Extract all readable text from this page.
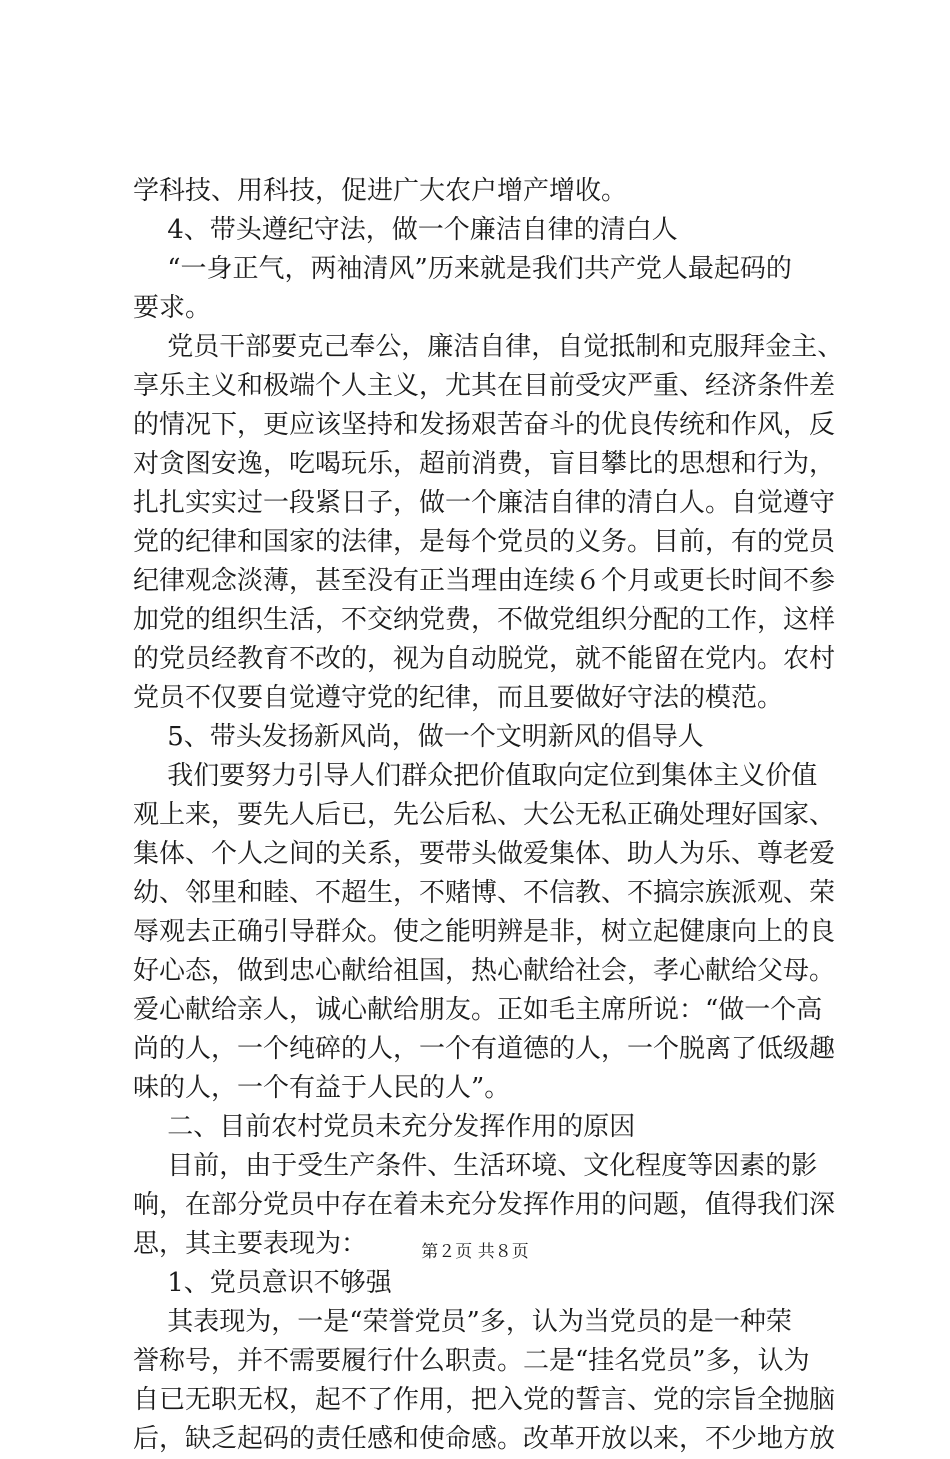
学科技、用科技，促进广大农户增产增收。
　 4、带头遵纪守法，做一个廉洁自律的清白人
　 “一身正气，两袖清风”历来就是我们共产党人最起码的
要求。
　 党员干部要克己奉公，廉洁自律，自觉抵制和克服拜金主、
享乐主义和极端个人主义，尤其在目前受灾严重、经济条件差
的情况下，更应该坚持和发扬艰苦奋斗的优良传统和作风，反
对贪图安逸，吃喝玩乐，超前消费，盲目攀比的思想和行为，
扎扎实实过一段紧日子，做一个廉洁自律的清白人。自觉遵守
党的纪律和国家的法律，是每个党员的义务。目前，有的党员
纪律观念淡薄，甚至没有正当理由连续６个月或更长时间不参
加党的组织生活，不交纳党费，不做党组织分配的工作，这样
的党员经教育不改的，视为自动脱党，就不能留在党内。农村
党员不仅要自觉遵守党的纪律，而且要做好守法的模范。
　 5、带头发扬新风尚，做一个文明新风的倡导人
　 我们要努力引导人们群众把价值取向定位到集体主义价值
观上来，要先人后已，先公后私、大公无私正确处理好国家、
集体、个人之间的关系，要带头做爱集体、助人为乐、尊老爱
幼、邻里和睦、不超生，不赌博、不信教、不搞宗族派观、荣
辱观去正确引导群众。使之能明辨是非，树立起健康向上的良
好心态，做到忠心献给祖国，热心献给社会，孝心献给父母。
爱心献给亲人，诚心献给朋友。正如毛主席所说：“做一个高
尚的人，一个纯碎的人，一个有道德的人，一个脱离了低级趣
味的人，一个有益于人民的人”。
　 二、目前农村党员未充分发挥作用的原因
　 目前，由于受生产条件、生活环境、文化程度等因素的影
响，在部分党员中存在着未充分发挥作用的问题，值得我们深
思，其主要表现为：
　 1、党员意识不够强
　 其表现为，一是“荣誉党员”多，认为当党员的是一种荣
誉称号，并不需要履行什么职责。二是“挂名党员”多，认为
自已无职无权，起不了作用，把入党的誓言、党的宗旨全抛脑
后，缺乏起码的责任感和使命感。改革开放以来，不少地方放
第２页 共８页
